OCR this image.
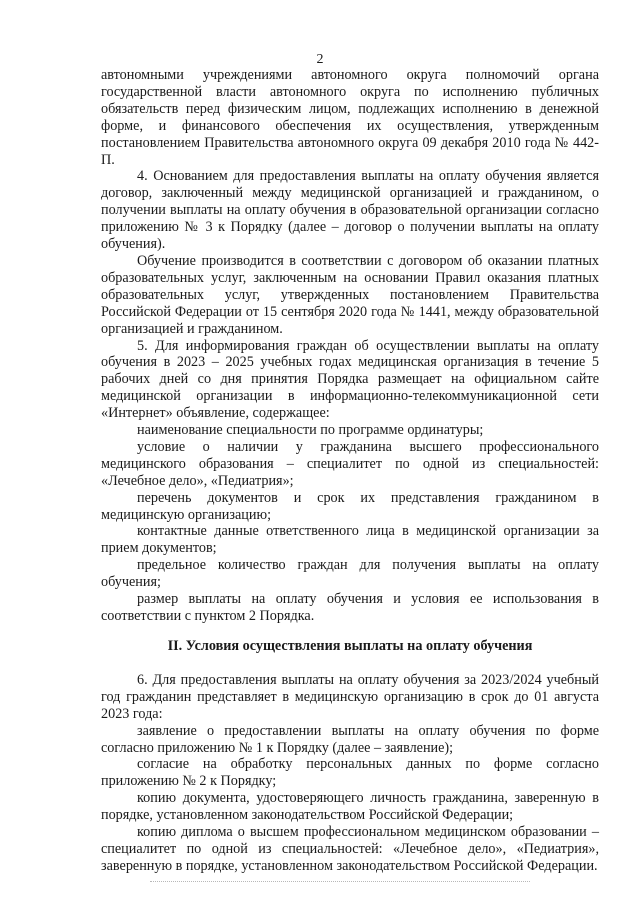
2

автономными учреждениями автономного округа полномочий органа государственной власти автономного округа по исполнению публичных обязательств перед физическим лицом, подлежащих исполнению в денежной форме, и финансового обеспечения их осуществления, утвержденным постановлением Правительства автономного округа 09 декабря 2010 года № 442-П.

4. Основанием для предоставления выплаты на оплату обучения является договор, заключенный между медицинской организацией и гражданином, о получении выплаты на оплату обучения в образовательной организации согласно приложению № 3 к Порядку (далее – договор о получении выплаты на оплату обучения).

Обучение производится в соответствии с договором об оказании платных образовательных услуг, заключенным на основании Правил оказания платных образовательных услуг, утвержденных постановлением Правительства Российской Федерации от 15 сентября 2020 года № 1441, между образовательной организацией и гражданином.

5. Для информирования граждан об осуществлении выплаты на оплату обучения в 2023 – 2025 учебных годах медицинская организация в течение 5 рабочих дней со дня принятия Порядка размещает на официальном сайте медицинской организации в информационно-телекоммуникационной сети «Интернет» объявление, содержащее:

наименование специальности по программе ординатуры;

условие о наличии у гражданина высшего профессионального медицинского образования – специалитет по одной из специальностей: «Лечебное дело», «Педиатрия»;

перечень документов и срок их представления гражданином в медицинскую организацию;

контактные данные ответственного лица в медицинской организации за прием документов;

предельное количество граждан для получения выплаты на оплату обучения;

размер выплаты на оплату обучения и условия ее использования в соответствии с пунктом 2 Порядка.

II. Условия осуществления выплаты на оплату обучения

6. Для предоставления выплаты на оплату обучения за 2023/2024 учебный год гражданин представляет в медицинскую организацию в срок до 01 августа 2023 года:

заявление о предоставлении выплаты на оплату обучения по форме согласно приложению № 1 к Порядку (далее – заявление);

согласие на обработку персональных данных по форме согласно приложению № 2 к Порядку;

копию документа, удостоверяющего личность гражданина, заверенную в порядке, установленном законодательством Российской Федерации;

копию диплома о высшем профессиональном медицинском образовании – специалитет по одной из специальностей: «Лечебное дело», «Педиатрия», заверенную в порядке, установленном законодательством Российской Федерации.
